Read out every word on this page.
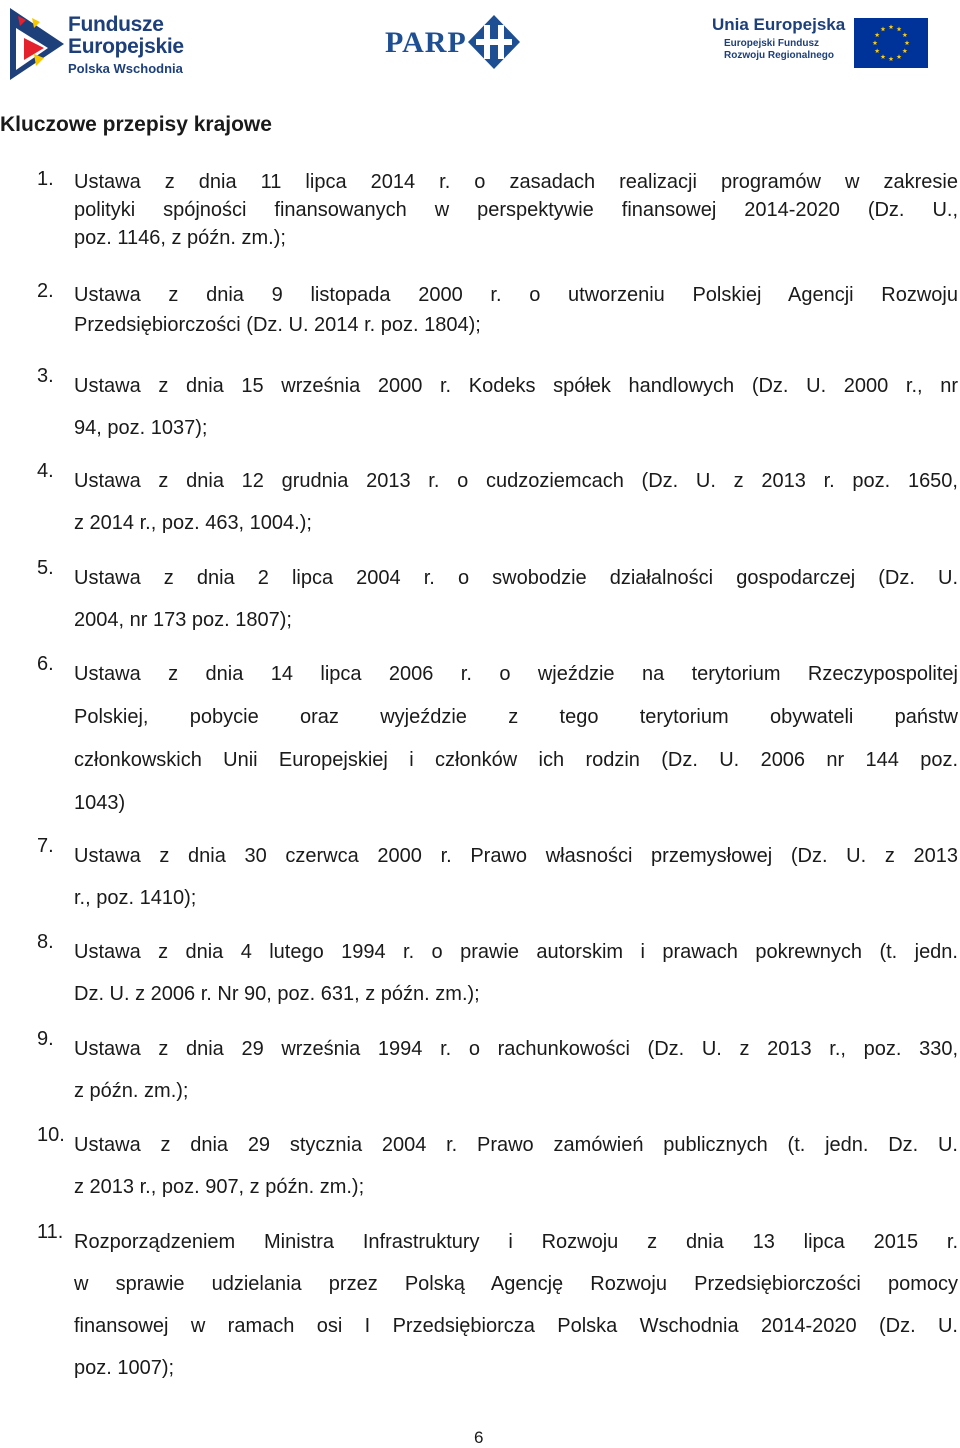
Fundusze
Europejskie
Polska Wschodnia
PARP
Unia Europejska
Europejski Fundusz
Rozwoju Regionalnego
Kluczowe przepisy krajowe
1. Ustawa z dnia 11 lipca 2014 r. o zasadach realizacji programów w zakresie
polityki spójności finansowanych w perspektywie finansowej 2014-2020 (Dz. U.,
poz. 1146, z późn. zm.);
2. Ustawa z dnia 9 listopada 2000 r. o utworzeniu Polskiej Agencji Rozwoju
Przedsiębiorczości (Dz. U. 2014 r. poz. 1804);
3. Ustawa z dnia 15 września 2000 r. Kodeks spółek handlowych (Dz. U. 2000 r., nr
94, poz. 1037);
4. Ustawa z dnia 12 grudnia 2013 r. o cudzoziemcach (Dz. U. z 2013 r. poz. 1650,
z 2014 r., poz. 463, 1004.);
5. Ustawa z dnia 2 lipca 2004 r. o swobodzie działalności gospodarczej (Dz. U.
2004, nr 173 poz. 1807);
6. Ustawa z dnia 14 lipca 2006 r. o wjeździe na terytorium Rzeczypospolitej
Polskiej, pobycie oraz wyjeździe z tego terytorium obywateli państw
członkowskich Unii Europejskiej i członków ich rodzin (Dz. U. 2006 nr 144 poz.
1043)
7. Ustawa z dnia 30 czerwca 2000 r. Prawo własności przemysłowej (Dz. U. z 2013
r., poz. 1410);
8. Ustawa z dnia 4 lutego 1994 r. o prawie autorskim i prawach pokrewnych (t. jedn.
Dz. U. z 2006 r. Nr 90, poz. 631, z późn. zm.);
9. Ustawa z dnia 29 września 1994 r. o rachunkowości (Dz. U. z 2013 r., poz. 330,
z późn. zm.);
10. Ustawa z dnia 29 stycznia 2004 r. Prawo zamówień publicznych (t. jedn. Dz. U.
z 2013 r., poz. 907, z późn. zm.);
11. Rozporządzeniem Ministra Infrastruktury i Rozwoju z dnia 13 lipca 2015 r.
w sprawie udzielania przez Polską Agencję Rozwoju Przedsiębiorczości pomocy
finansowej w ramach osi I Przedsiębiorcza Polska Wschodnia 2014-2020 (Dz. U.
poz. 1007);
6
